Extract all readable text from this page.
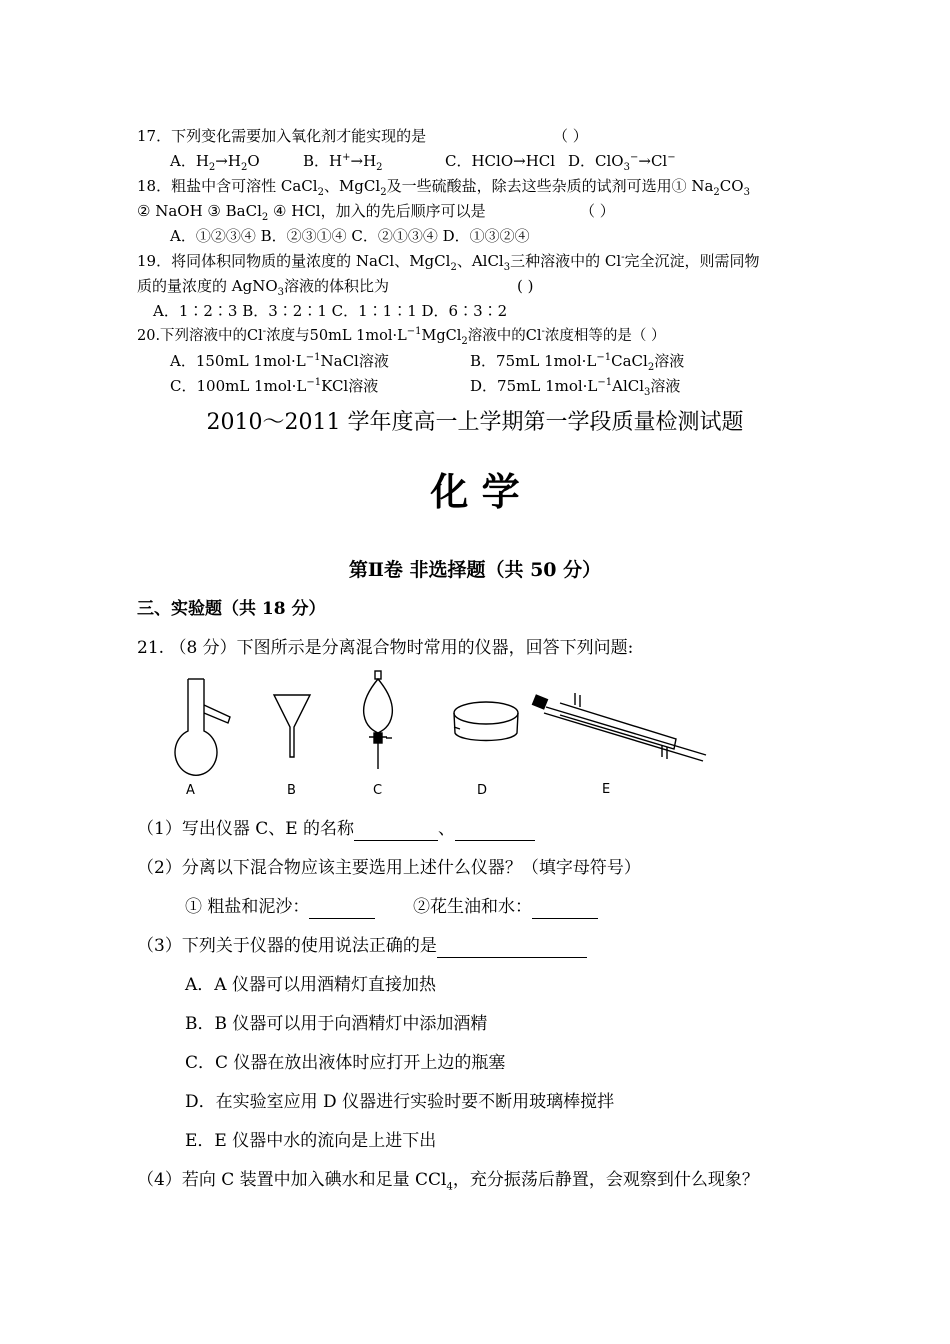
17．下列变化需要加入氧化剂才能实现的是	（ ）
A．$H_2\to H_2O$	B．$H^+\to H_2$	C．HClO→HCl D．ClO$_3$−→Cl−
18．粗盐中含可溶性 CaCl$_2$、MgCl$_2$及一些硫酸盐，除去这些杂质的试剂可选用① $Na_2CO_3$
② NaOH ③ BaCl$_2$ ④ HCl，加入的先后顺序可以是	（ ）
A．①②③④ B．②③①④ C．②①③④ D．①③②④
19．将同体积同物质的量浓度的 NaCl、MgCl$_2$、AlCl$_3$三种溶液中的 Cl-完全沉淀，则需同物
质的量浓度的 AgNO$_3$溶液的体积比为	( )
A．1∶2∶3 B．3∶2∶1 C．1∶1∶1 D．6∶3∶2
20.下列溶液中的Cl-浓度与50mL $1mol\cdot L^{-1}MgCl_2$溶液中的Cl-浓度相等的是（ ）
A．150mL $1mol\cdot L^{-1}NaCl$溶液	B．75mL $1mol\cdot L^{-1}CaCl_2$溶液
C．100mL $1mol\cdot L^{-1}KCl$溶液	D．75mL $1mol\cdot L^{-1}AlCl_3$溶液
2010～2011 学年度高一上学期第一学段质量检测试题
化 学
第Ⅱ卷 非选择题（共 50 分）
三、实验题（共 18 分）
21. （8 分）下图所示是分离混合物时常用的仪器，回答下列问题:
A	B	C	D	E
（1）写出仪器 C、E 的名称	、
（2）分离以下混合物应该主要选用上述什么仪器？（填字母符号）
① 粗盐和泥沙：	②花生油和水：
（3）下列关于仪器的使用说法正确的是
A．A 仪器可以用酒精灯直接加热
B．B 仪器可以用于向酒精灯中添加酒精
C．C 仪器在放出液体时应打开上边的瓶塞
D．在实验室应用 D 仪器进行实验时要不断用玻璃棒搅拌
E．E 仪器中水的流向是上进下出
（4）若向 C 装置中加入碘水和足量 CCl$_4$，充分振荡后静置，会观察到什么现象？
